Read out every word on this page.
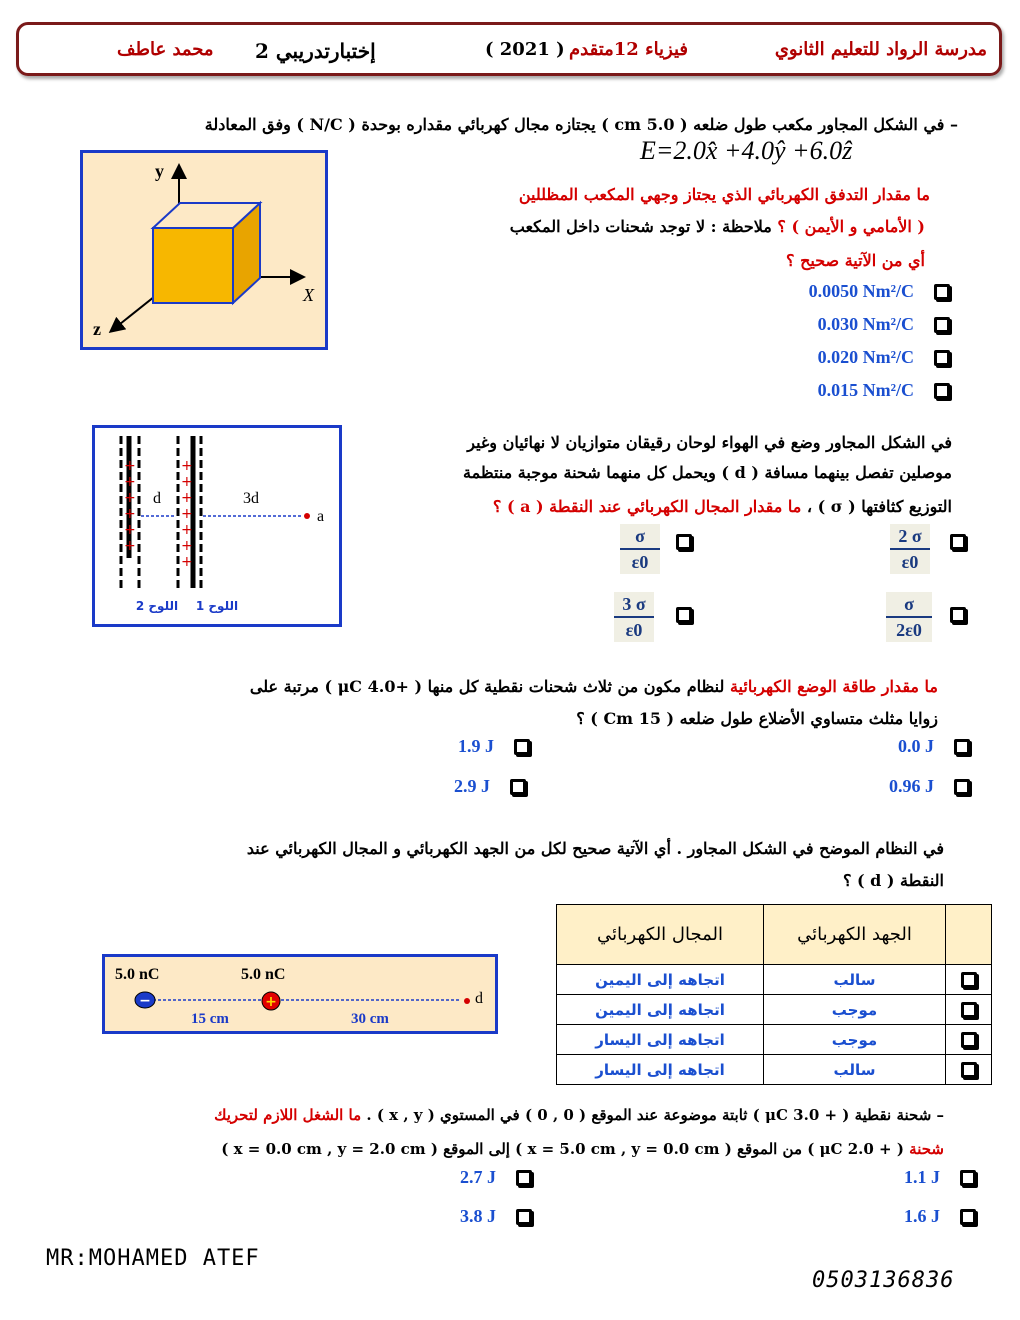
مدرسة الرواد للتعليم الثانوي
فيزياء 12متقدم
( 2021 )
إختبارتدريبي 2
محمد عاطف
– في الشكل المجاور مكعب طول ضلعه ( 5.0 cm ) يجتازه مجال كهربائي مقداره بوحدة ( N/C ) وفق المعادلة
E=2.0x̂ +4.0ŷ +6.0ẑ
ما مقدار التدفق الكهربائي الذي يجتاز وجهي المكعب المظللين
( الأمامي و الأيمن ) ؟ ملاحظة : لا توجد شحنات داخل المكعب
أي من الآتية صحيح ؟
y
X
z
0.0050 Nm²/C
0.030 Nm²/C
0.020 Nm²/C
0.015 Nm²/C
في الشكل المجاور وضع في الهواء لوحان رقيقان متوازيان لا نهائيان وغير
موصلين تفصل بينهما مسافة ( d ) ويحمل كل منهما شحنة موجبة منتظمة
التوزيع كثافتها ( σ ) ، ما مقدار المجال الكهربائي عند النقطة ( a ) ؟
+
+
+
+
+
+
+
+
+
+
+
+
+
d	3d
a
اللوح 2 اللوح 1
$\frac{2 \sigma}{\varepsilon 0}$
$\frac{\sigma}{\varepsilon 0}$
$\frac{\sigma}{2\varepsilon 0}$
$\frac{3 \sigma}{\varepsilon 0}$
ما مقدار طاقة الوضع الكهربائية لنظام مكون من ثلاث شحنات نقطية كل منها ( +4.0 μC ) مرتبة على
زوايا مثلث متساوي الأضلاع طول ضلعه ( 15 Cm ) ؟
0.0 J
1.9 J
0.96 J
2.9 J
في النظام الموضح في الشكل المجاور . أي الآتية صحيح لكل من الجهد الكهربائي و المجال الكهربائي عند
النقطة ( d ) ؟
−	+
5.0 nC	5.0 nC
15 cm	30 cm
d
	الجهد الكهربائي	المجال الكهربائي
	سالب	اتجاهه إلى اليمين
	موجب	اتجاهه إلى اليمين
	موجب	اتجاهه إلى اليسار
	سالب	اتجاهه إلى اليسار
– شحنة نقطية ( + 3.0 μC ) ثابتة موضوعة عند الموقع ( 0 , 0 ) في المستوي ( x , y ) . ما الشغل اللازم لتحريك
شحنة ( + 2.0 μC ) من الموقع ( x = 5.0 cm , y = 0.0 cm ) إلى الموقع ( x = 0.0 cm , y = 2.0 cm )
1.1 J
2.7 J
1.6 J
3.8 J
MR:MOHAMED ATEF
0503136836
